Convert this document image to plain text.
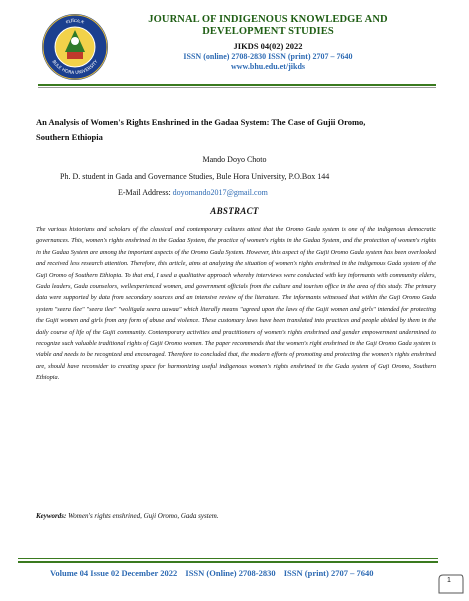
ዩኒቨርሲቲ
BULE HORA UNIVERSITY
JOURNAL OF INDIGENOUS KNOWLEDGE AND
DEVELOPMENT STUDIES
JIKDS 04(02) 2022
ISSN (online) 2708-2830 ISSN (print) 2707 – 7640
www.bhu.edu.et/jikds
An Analysis of Women's Rights Enshrined in the Gadaa System: The Case of Gujii Oromo,
Southern Ethiopia
Mando Doyo Choto
Ph. D. student in Gada and Governance Studies, Bule Hora University, P.O.Box 144
E-Mail Address: doyomando2017@gmail.com
ABSTRACT
The various historians and scholars of the classical and contemporary cultures attest that the Oromo Gada system is one of the indigenous democratic governances. This, women's rights enshrined in the Gadaa System, the practice of women's rights in the Gadaa System, and the protection of women's rights in the Gadaa System are among the important aspects of the Oromo Gada System. However, this aspect of the Gujii Oromo Gada system has been overlooked and received less research attention. Therefore, this article, aims at analyzing the situation of women's rights enshrined in the indigenous Gada system of the Guji Oromo of Southern Ethiopia. To that end, I used a qualitative approach whereby interviews were conducted with key informants with community elders, Gada leaders, Gada counselors, wellexperienced women, and government officials from the culture and tourism office in the area of this study. The primary data were supported by data from secondary sources and an intensive review of the literature. The informants witnessed that within the Guji Oromo Gada system "seera ilee" "seera ilee" "woliigala seera uuwaa" which literally means "agreed upon the laws of the Gujii women and girls" intended for protecting the Gujii women and girls from any form of abuse and violence. These customary laws have been translated into practices and people abided by them in the daily course of life of the Gujii community. Contemporary activities and practitioners of women's rights enshrined and gender empowerment undermined to recognize such valuable traditional rights of Gujii Oromo women. The paper recommends that the women's right enshrined in the Guji Oromo Gada system is viable and needs to be recognized and encouraged. Therefore to concluded that, the modern efforts of promoting and protecting the women's rights enshrined are, should have reconsider to creating space for harmonizing useful indigenous women's rights enshrined in the Gada system of Guji Oromo, Southern Ethiopia.
Keywords: Women's rights enshrined, Guji Oromo, Gada system.
Volume 04 Issue 02 December 2022 ISSN (Online) 2708-2830 ISSN (print) 2707 – 7640
1
